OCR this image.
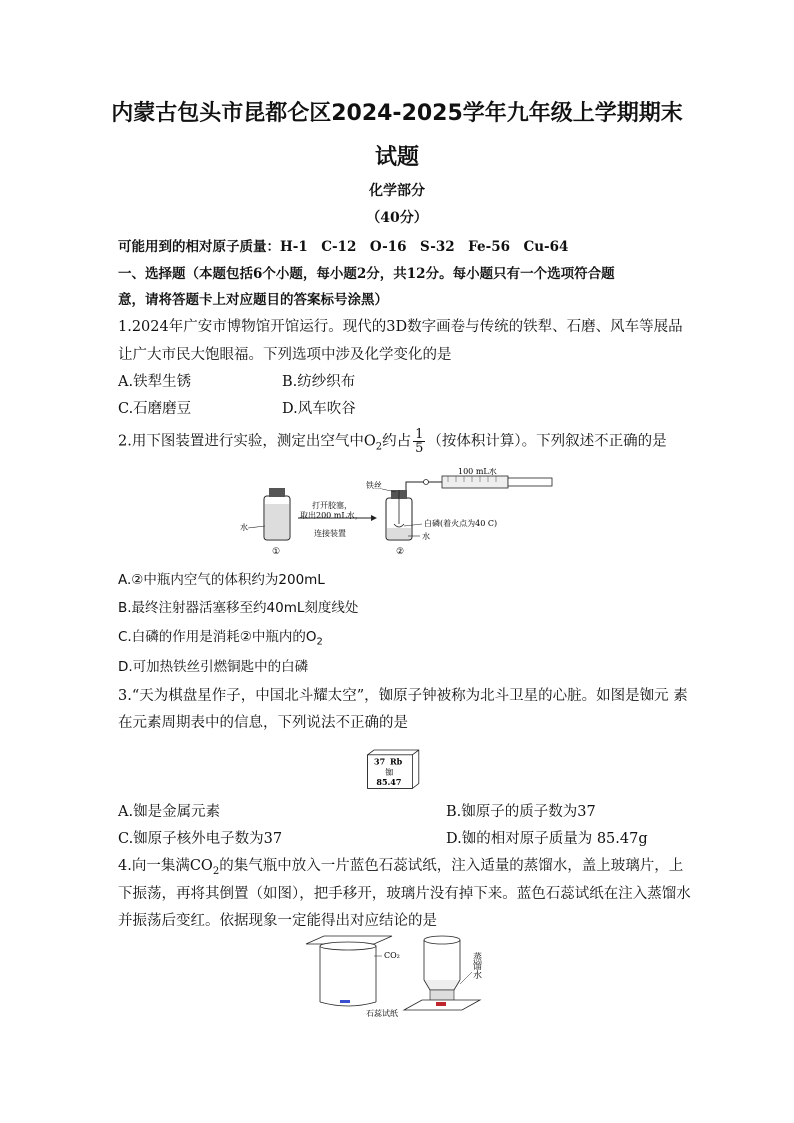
内蒙古包头市昆都仑区2024-2025学年九年级上学期期末
试题
化学部分
（40分）
可能用到的相对原子质量：H-1　C-12　O-16　S-32　Fe-56　Cu-64
一、选择题（本题包括6个小题，每小题2分，共12分。每小题只有一个选项符合题
意，请将答题卡上对应题目的答案标号涂黑）
1.2024年广安市博物馆开馆运行。现代的3D数字画卷与传统的铁犁、石磨、风车等展品
让广大市民大饱眼福。下列选项中涉及化学变化的是
A.铁犁生锈	B.纺纱织布
C.石磨磨豆	D.风车吹谷
2.用下图装置进行实验，测定出空气中$O_2$约占 $\frac{1}{5}$ （按体积计算）。下列叙述不正确的是
水
①
打开胶塞，
取出200 mL水，
连接装置
铁丝
②
白磷(着火点为40 C)
水
100 mL水
A.②中瓶内空气的体积约为200mL
B.最终注射器活塞移至约40mL刻度线处
C.白磷的作用是消耗②中瓶内的$O_2$
D.可加热铁丝引燃铜匙中的白磷
3.“天为棋盘星作子，中国北斗耀太空”，铷原子钟被称为北斗卫星的心脏。如图是铷元 素
在元素周期表中的信息，下列说法不正确的是
37 Rb
铷
85.47
A.铷是金属元素	B.铷原子的质子数为37
C.铷原子核外电子数为37	D.铷的相对原子质量为 85.47g
4.向一集满$CO_2$的集气瓶中放入一片蓝色石蕊试纸，注入适量的蒸馏水，盖上玻璃片，上
下振荡，再将其倒置（如图），把手移开，玻璃片没有掉下来。蓝色石蕊试纸在注入蒸馏水
并振荡后变红。依据现象一定能得出对应结论的是
CO₂
石蕊试纸
蒸馏水
